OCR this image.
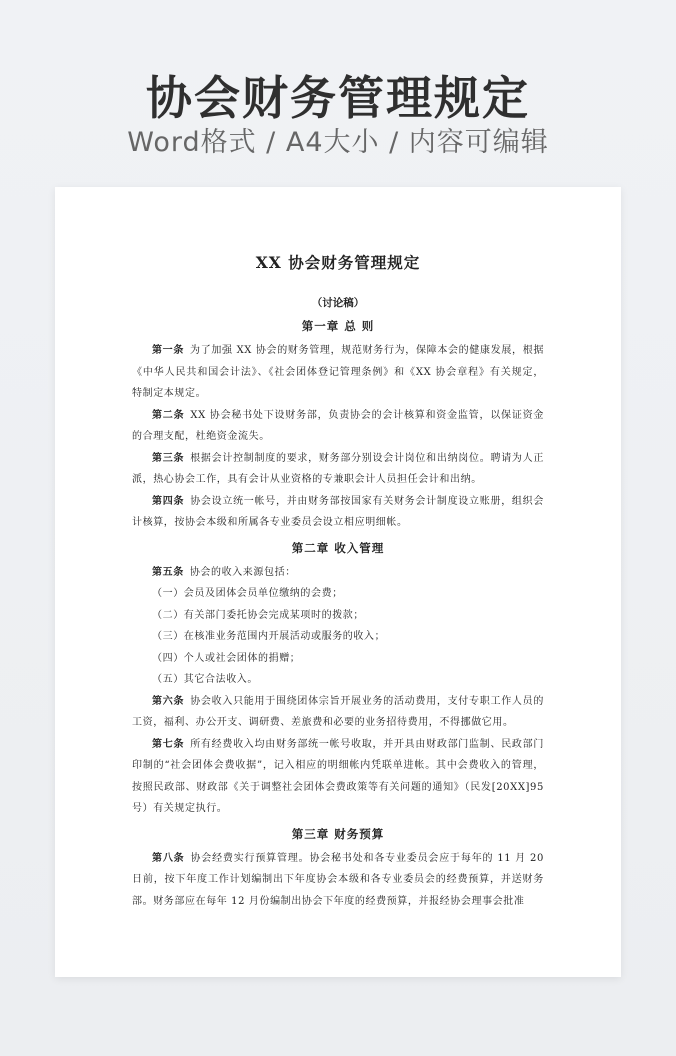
协会财务管理规定
Word格式 / A4大小 / 内容可编辑
XX 协会财务管理规定
（讨论稿）
第一章 总 则

第一条 为了加强 XX 协会的财务管理，规范财务行为，保障本会的健康发展，根据《中华人民共和国会计法》、《社会团体登记管理条例》和《XX 协会章程》有关规定，特制定本规定。

第二条 XX 协会秘书处下设财务部，负责协会的会计核算和资金监管，以保证资金的合理支配，杜绝资金流失。

第三条 根据会计控制制度的要求，财务部分别设会计岗位和出纳岗位。聘请为人正派，热心协会工作，具有会计从业资格的专兼职会计人员担任会计和出纳。

第四条 协会设立统一帐号，并由财务部按国家有关财务会计制度设立账册，组织会计核算，按协会本级和所属各专业委员会设立相应明细帐。

第二章 收入管理

第五条 协会的收入来源包括：

（一）会员及团体会员单位缴纳的会费；

（二）有关部门委托协会完成某项时的拨款；

（三）在核准业务范围内开展活动或服务的收入；

（四）个人或社会团体的捐赠；

（五）其它合法收入。

第六条 协会收入只能用于围绕团体宗旨开展业务的活动费用，支付专职工作人员的工资，福利、办公开支、调研费、差旅费和必要的业务招待费用，不得挪做它用。

第七条 所有经费收入均由财务部统一帐号收取，并开具由财政部门监制、民政部门印制的“社会团体会费收据”，记入相应的明细帐内凭联单进帐。其中会费收入的管理，按照民政部、财政部《关于调整社会团体会费政策等有关问题的通知》（民发[20XX]95 号）有关规定执行。

第三章 财务预算

第八条 协会经费实行预算管理。协会秘书处和各专业委员会应于每年的 11 月 20 日前，按下年度工作计划编制出下年度协会本级和各专业委员会的经费预算，并送财务部。财务部应在每年 12 月份编制出协会下年度的经费预算，并报经协会理事会批准
